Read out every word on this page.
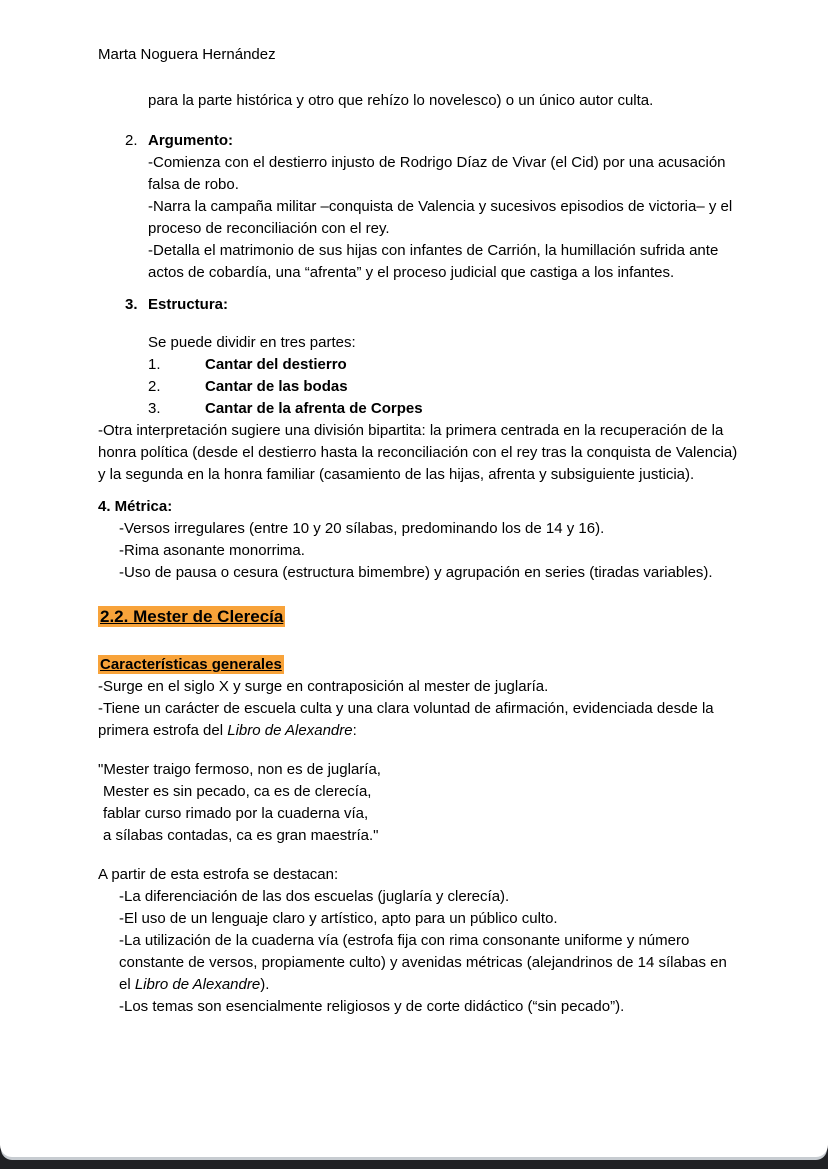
Marta Noguera Hernández

para la parte histórica y otro que rehízo lo novelesco) o un único autor culta.

2. Argumento:

-Comienza con el destierro injusto de Rodrigo Díaz de Vivar (el Cid) por una acusación falsa de robo.

-Narra la campaña militar –conquista de Valencia y sucesivos episodios de victoria– y el proceso de reconciliación con el rey.

-Detalla el matrimonio de sus hijas con infantes de Carrión, la humillación sufrida ante actos de cobardía, una “afrenta” y el proceso judicial que castiga a los infantes.

3. Estructura:

Se puede dividir en tres partes:

1.	Cantar del destierro
2.	Cantar de las bodas
3.	Cantar de la afrenta de Corpes

-Otra interpretación sugiere una división bipartita: la primera centrada en la recuperación de la honra política (desde el destierro hasta la reconciliación con el rey tras la conquista de Valencia) y la segunda en la honra familiar (casamiento de las hijas, afrenta y subsiguiente justicia).

4. Métrica:

-Versos irregulares (entre 10 y 20 sílabas, predominando los de 14 y 16).

-Rima asonante monorrima.

-Uso de pausa o cesura (estructura bimembre) y agrupación en series (tiradas variables).

2.2. Mester de Clerecía
Características generales

-Surge en el siglo X y surge en contraposición al mester de juglaría.

-Tiene un carácter de escuela culta y una clara voluntad de afirmación, evidenciada desde la primera estrofa del Libro de Alexandre:

"Mester traigo fermoso, non es de juglaría,

Mester es sin pecado, ca es de clerecía,

fablar curso rimado por la cuaderna vía,

a sílabas contadas, ca es gran maestría."

A partir de esta estrofa se destacan:

-La diferenciación de las dos escuelas (juglaría y clerecía).

-El uso de un lenguaje claro y artístico, apto para un público culto.

-La utilización de la cuaderna vía (estrofa fija con rima consonante uniforme y número constante de versos, propiamente culto) y avenidas métricas (alejandrinos de 14 sílabas en el Libro de Alexandre).

-Los temas son esencialmente religiosos y de corte didáctico (“sin pecado”).
